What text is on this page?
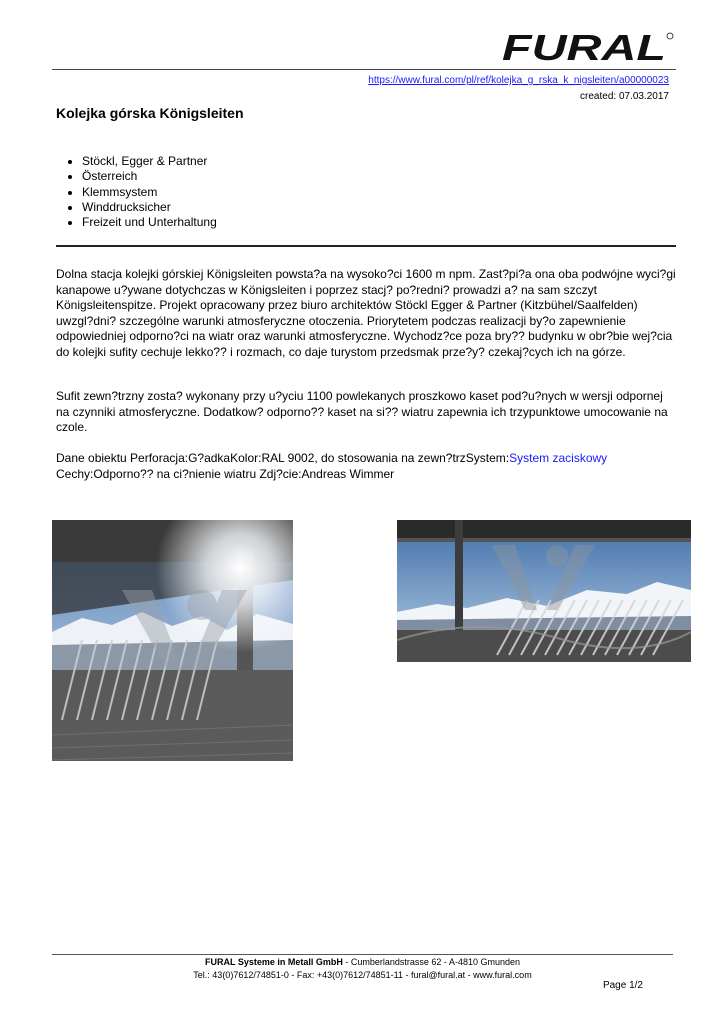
FURAL
https://www.fural.com/pl/ref/kolejka_g_rska_k_nigsleiten/a00000023
created: 07.03.2017
Kolejka górska Königsleiten
• Stöckl, Egger & Partner
• Österreich
• Klemmsystem
• Winddrucksicher
• Freizeit und Unterhaltung

Dolna stacja kolejki górskiej Königsleiten powsta?a na wysoko?ci 1600 m npm. Zast?pi?a ona oba podwójne wyci?gi kanapowe u?ywane dotychczas w Königsleiten i poprzez stacj? po?redni? prowadzi a? na sam szczyt Königsleitenspitze. Projekt opracowany przez biuro architektów Stöckl Egger & Partner (Kitzbühel/Saalfelden) uwzgl?dni? szczególne warunki atmosferyczne otoczenia. Priorytetem podczas realizacji by?o zapewnienie odpowiedniej odporno?ci na wiatr oraz warunki atmosferyczne. Wychodz?ce poza bry?? budynku w obr?bie wej?cia do kolejki sufity cechuje lekko?? i rozmach, co daje turystom przedsmak prze?y? czekaj?cych ich na górze.

Sufit zewn?trzny zosta? wykonany przy u?yciu 1100 powlekanych proszkowo kaset pod?u?nych w wersji odpornej na czynniki atmosferyczne. Dodatkow? odporno?? kaset na si?? wiatru zapewnia ich trzypunktowe umocowanie na czole.

Dane obiektu Perforacja:G?adkaKolor:RAL 9002, do stosowania na zewn?trzSystem:System zaciskowy
Cechy:Odporno?? na ci?nienie wiatru Zdj?cie:Andreas Wimmer

FURAL Systeme in Metall GmbH - Cumberlandstrasse 62 - A-4810 Gmunden
Tel.: 43(0)7612/74851-0 - Fax: +43(0)7612/74851-11 - fural@fural.at - www.fural.com
Page 1/2
